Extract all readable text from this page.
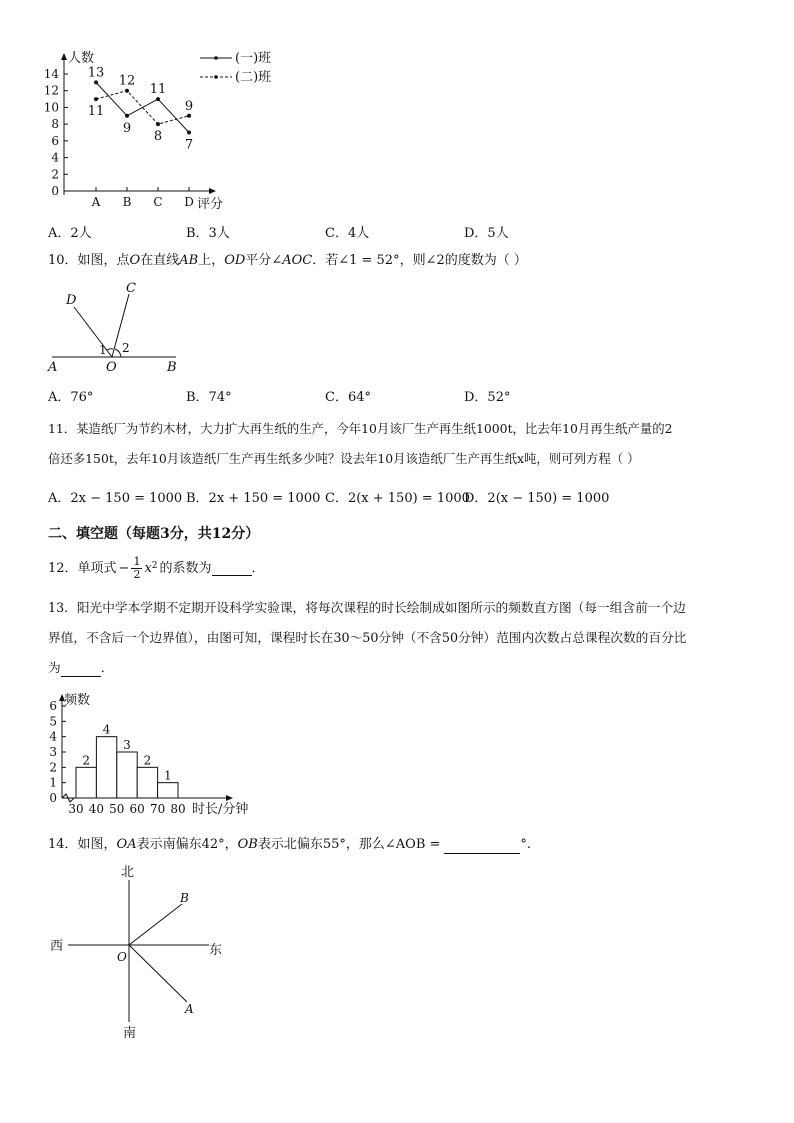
人数
评分
0
2
4
6
8
10
12
14
A B C D
13
9
11
7
11
12
8
9
(一)班
(二)班
A．2人	B．3人	C．4人	D．5人
10．如图，点O在直线AB上，OD平分∠AOC．若∠1 = 52°，则∠2的度数为（ ）
D
C
1 2
A	O	B
A．76°	B．74°	C．64°	D．52°
11．某造纸厂为节约木材，大力扩大再生纸的生产，今年10月该厂生产再生纸1000t，比去年10月再生纸产量的2
倍还多150t，去年10月该造纸厂生产再生纸多少吨？设去年10月该造纸厂生产再生纸x吨，则可列方程（ ）
A．2x − 150 = 1000 B．2x + 150 = 1000 C．2(x + 150) = 1000
D．2(x − 150) = 1000
二、填空题（每题3分，共12分）
12．单项式 − $\frac{1}{2} x^2$ 的系数为	．
13．阳光中学本学期不定期开设科学实验课，将每次课程的时长绘制成如图所示的频数直方图（每一组含前一个边
界值，不含后一个边界值），由图可知，课程时长在30～50分钟（不含50分钟）范围内次数占总课程次数的百分比
为	．
频数
时长/分钟
0
1
2
3
4
5
6
30 40 50 60 70 80
2
4
3
2
1
14．如图，OA表示南偏东42°，OB表示北偏东55°，那么∠AOB =	°.
北
南
西	东
O
B
A
